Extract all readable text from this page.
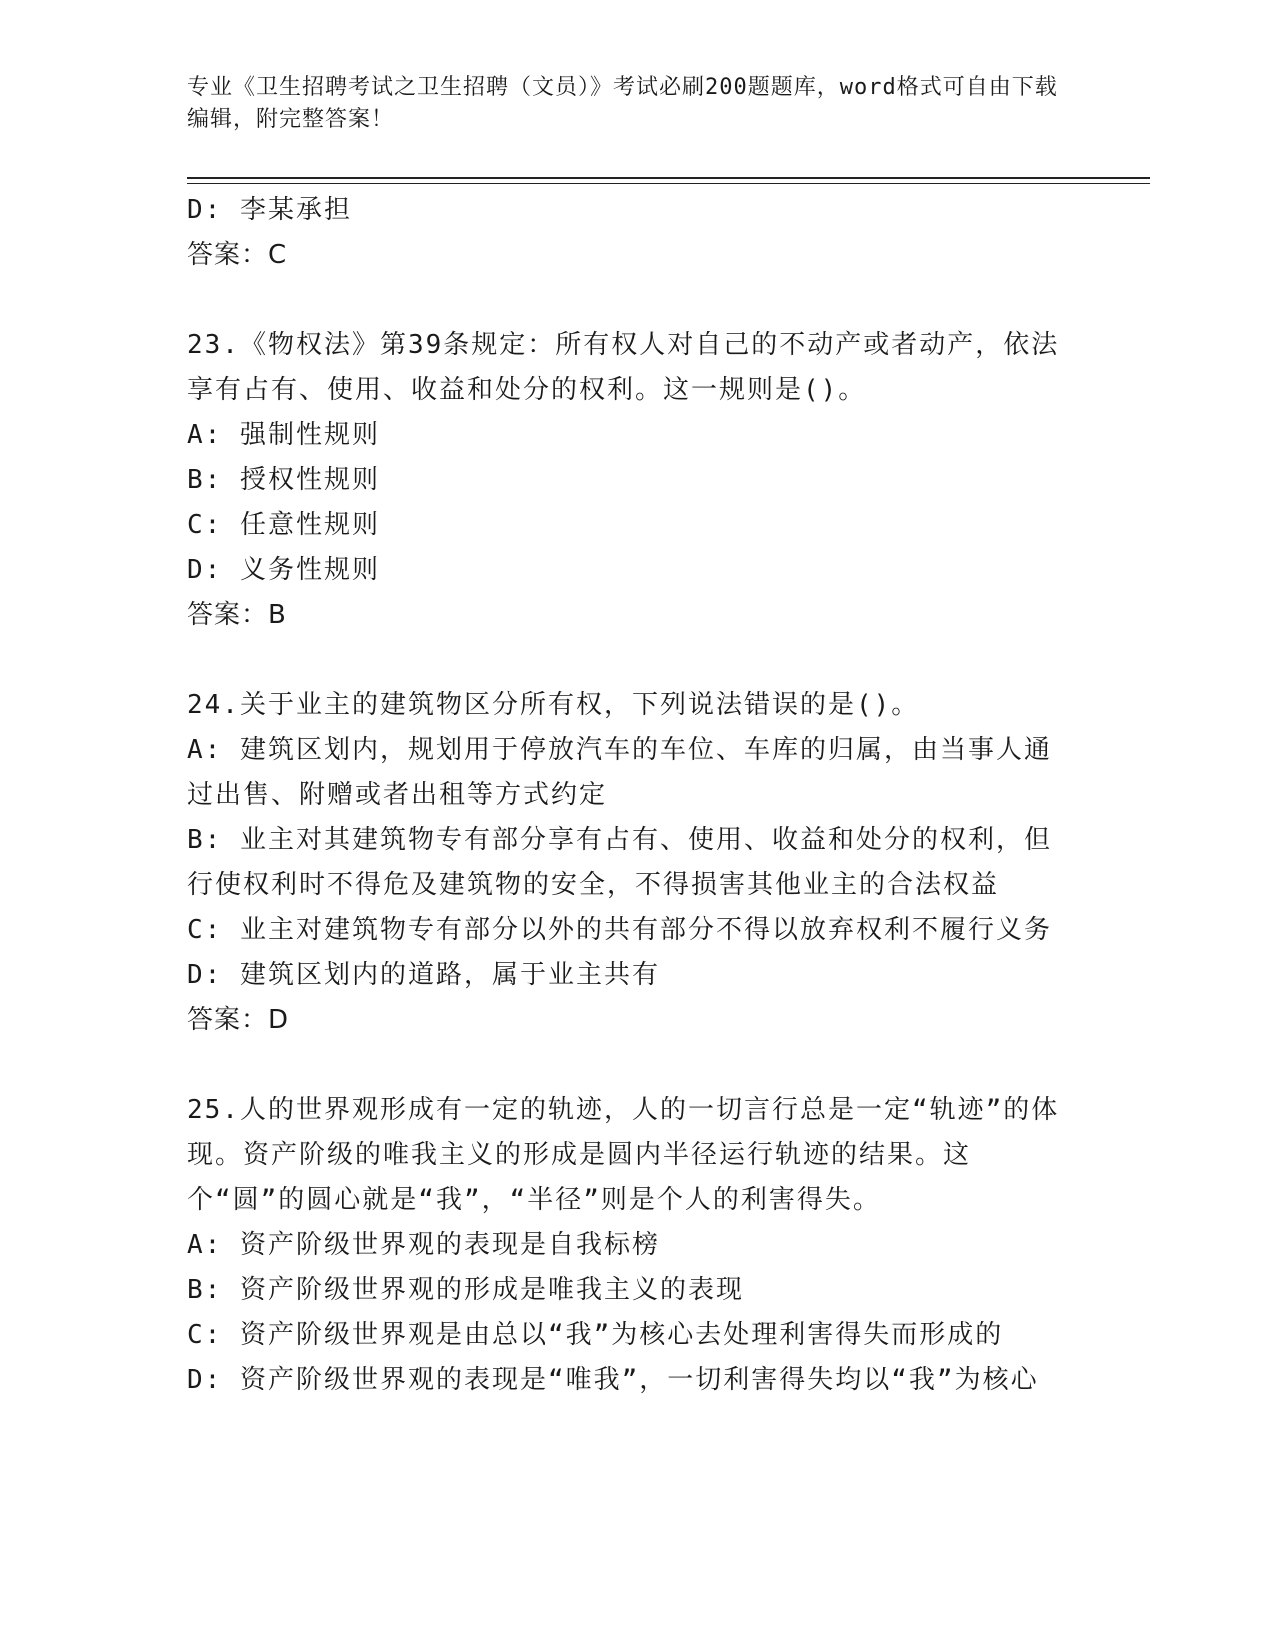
专业《卫生招聘考试之卫生招聘（文员）》考试必刷200题题库，word格式可自由下载编辑，附完整答案！
D: 李某承担
答案：C
23.《物权法》第39条规定：所有权人对自己的不动产或者动产，依法享有占有、使用、收益和处分的权利。这一规则是()。
A: 强制性规则
B: 授权性规则
C: 任意性规则
D: 义务性规则
答案：B
24.关于业主的建筑物区分所有权，下列说法错误的是()。
A: 建筑区划内，规划用于停放汽车的车位、车库的归属，由当事人通过出售、附赠或者出租等方式约定
B: 业主对其建筑物专有部分享有占有、使用、收益和处分的权利，但行使权利时不得危及建筑物的安全，不得损害其他业主的合法权益
C: 业主对建筑物专有部分以外的共有部分不得以放弃权利不履行义务
D: 建筑区划内的道路，属于业主共有
答案：D
25.人的世界观形成有一定的轨迹，人的一切言行总是一定“轨迹”的体现。资产阶级的唯我主义的形成是圆内半径运行轨迹的结果。这个“圆”的圆心就是“我”，“半径”则是个人的利害得失。
A: 资产阶级世界观的表现是自我标榜
B: 资产阶级世界观的形成是唯我主义的表现
C: 资产阶级世界观是由总以“我”为核心去处理利害得失而形成的
D: 资产阶级世界观的表现是“唯我”，一切利害得失均以“我”为核心
